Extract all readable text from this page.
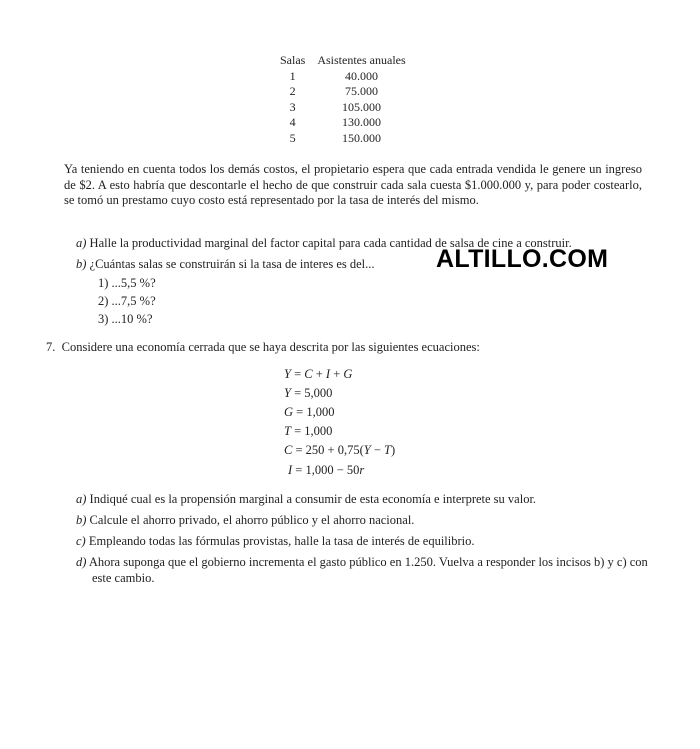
Salas	Asistentes anuales
1	40.000
2	75.000
3	105.000
4	130.000
5	150.000
Ya teniendo en cuenta todos los demás costos, el propietario espera que cada entrada vendida le genere un ingreso de $2. A esto habría que descontarle el hecho de que construir cada sala cuesta $1.000.000 y, para poder costearlo, se tomó un prestamo cuyo costo está representado por la tasa de interés del mismo.
a) Halle la productividad marginal del factor capital para cada cantidad de salsa de cine a construir.
b) ¿Cuántas salas se construirán si la tasa de interes es del... ALTILLO.COM
1) ...5,5 %?
2) ...7,5 %?
3) ...10 %?
7. Considere una economía cerrada que se haya descrita por las siguientes ecuaciones:
Y = C + I + G
Y = 5,000
G = 1,000
T = 1,000
C = 250 + 0,75(Y − T)
I = 1,000 − 50r
a) Indiqué cual es la propensión marginal a consumir de esta economía e interprete su valor.
b) Calcule el ahorro privado, el ahorro público y el ahorro nacional.
c) Empleando todas las fórmulas provistas, halle la tasa de interés de equilibrio.
d) Ahora suponga que el gobierno incrementa el gasto público en 1.250. Vuelva a responder los incisos b) y c) con este cambio.
